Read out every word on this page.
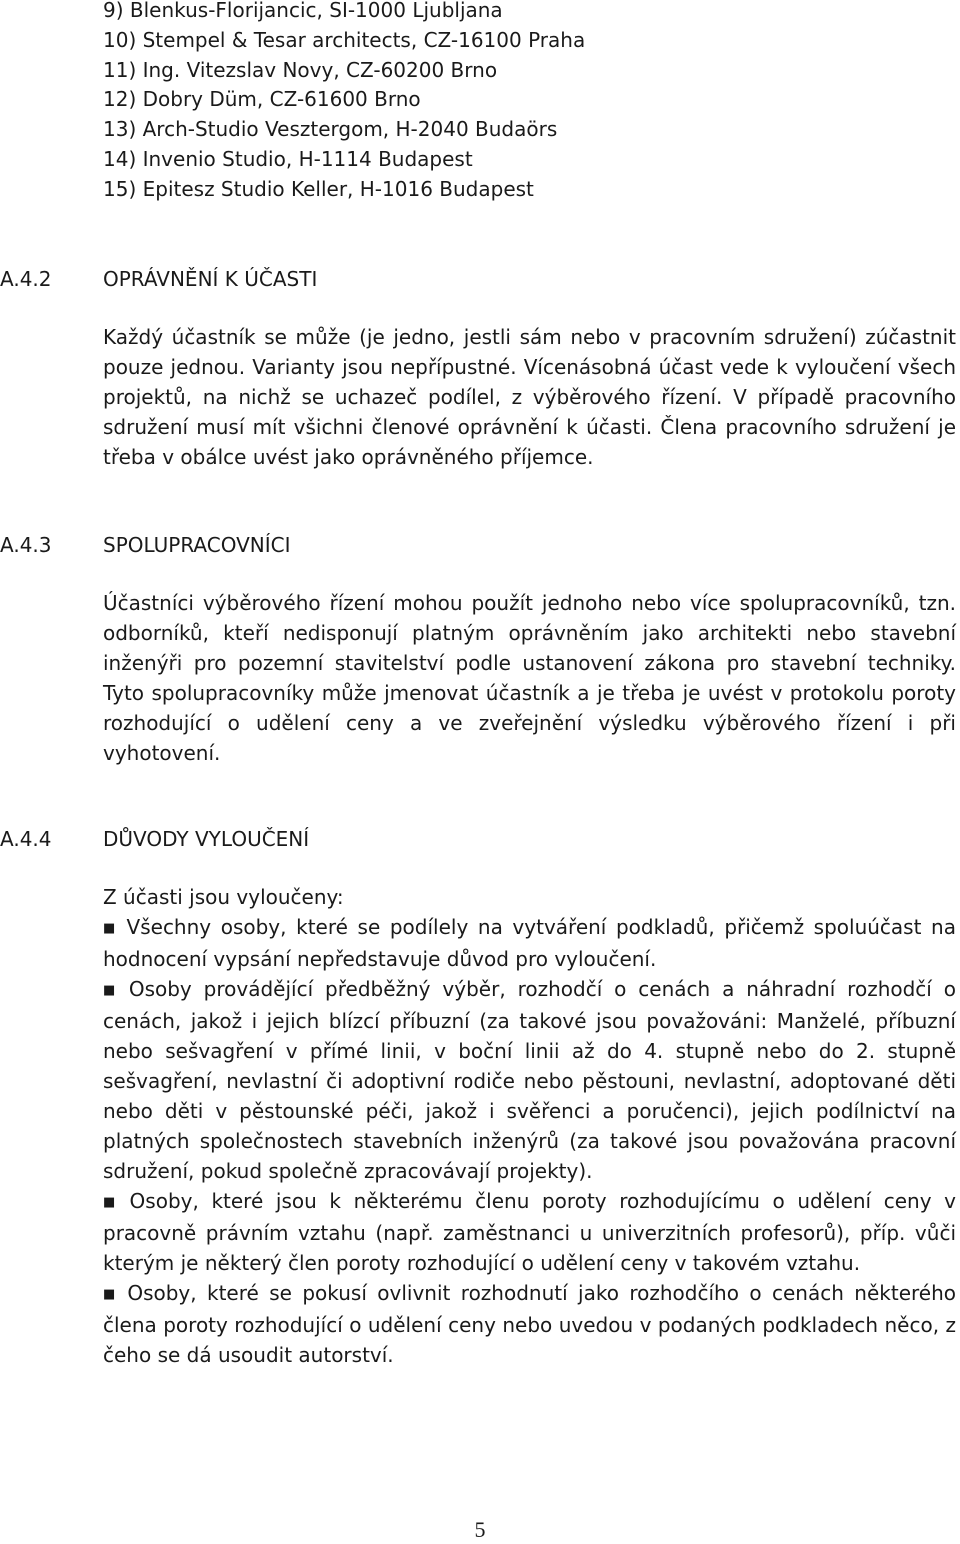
9) Blenkus-Florijancic, SI-1000 Ljubljana
10) Stempel & Tesar architects, CZ-16100 Praha
11) Ing. Vitezslav Novy, CZ-60200 Brno
12) Dobry Düm, CZ-61600 Brno
13) Arch-Studio Vesztergom, H-2040 Budaörs
14) Invenio Studio, H-1114 Budapest
15) Epitesz Studio Keller, H-1016 Budapest
A.4.2	OPRÁVNĚNÍ K ÚČASTI

Každý účastník se může (je jedno, jestli sám nebo v pracovním sdružení) zúčastnit pouze jednou. Varianty jsou nepřípustné. Vícenásobná účast vede k vyloučení všech projektů, na nichž se uchazeč podílel, z výběrového řízení. V případě pracovního sdružení musí mít všichni členové oprávnění k účasti. Člena pracovního sdružení je třeba v obálce uvést jako oprávněného příjemce.

A.4.3	SPOLUPRACOVNÍCI

Účastníci výběrového řízení mohou použít jednoho nebo více spolupracovníků, tzn. odborníků, kteří nedisponují platným oprávněním jako architekti nebo stavební inženýři pro pozemní stavitelství podle ustanovení zákona pro stavební techniky. Tyto spolupracovníky může jmenovat účastník a je třeba je uvést v protokolu poroty rozhodující o udělení ceny a ve zveřejnění výsledku výběrového řízení i při vyhotovení.

A.4.4	DŮVODY VYLOUČENÍ

Z účasti jsou vyloučeny:

■ Všechny osoby, které se podílely na vytváření podkladů, přičemž spoluúčast na hodnocení vypsání nepředstavuje důvod pro vyloučení.

■ Osoby provádějící předběžný výběr, rozhodčí o cenách a náhradní rozhodčí o cenách, jakož i jejich blízcí příbuzní (za takové jsou považováni: Manželé, příbuzní nebo sešvagření v přímé linii, v boční linii až do 4. stupně nebo do 2. stupně sešvagření, nevlastní či adoptivní rodiče nebo pěstouni, nevlastní, adoptované děti nebo děti v pěstounské péči, jakož i svěřenci a poručenci), jejich podílnictví na platných společnostech stavebních inženýrů (za takové jsou považována pracovní sdružení, pokud společně zpracovávají projekty).

■ Osoby, které jsou k některému členu poroty rozhodujícímu o udělení ceny v pracovně právním vztahu (např. zaměstnanci u univerzitních profesorů), příp. vůči kterým je některý člen poroty rozhodující o udělení ceny v takovém vztahu.

■ Osoby, které se pokusí ovlivnit rozhodnutí jako rozhodčího o cenách některého člena poroty rozhodující o udělení ceny nebo uvedou v podaných podkladech něco, z čeho se dá usoudit autorství.

5
